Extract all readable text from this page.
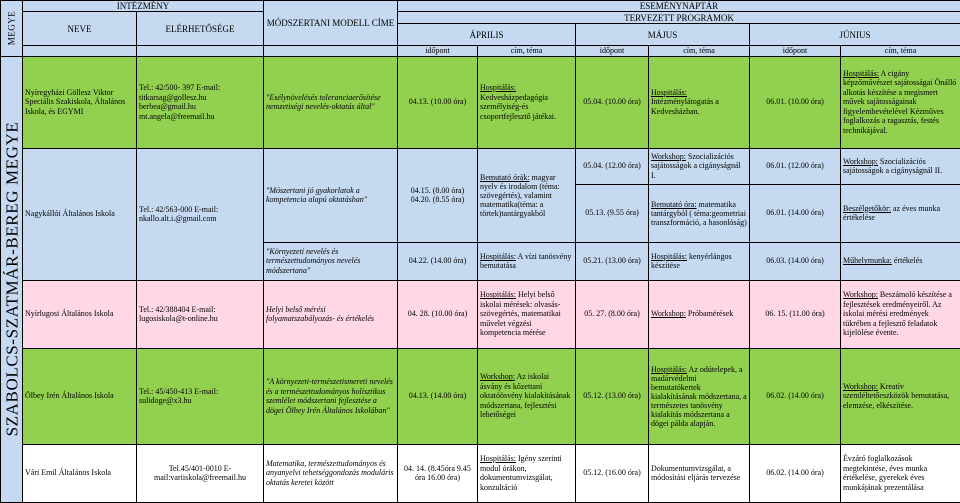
MEGYE	INTÉZMÉNY		MÓDSZERTANI MODELL CÍME	ESEMÉNYNAPTÁR					
	NEVE	ELÉRHETŐSÉGE		TERVEZETT PROGRAMOK					
				ÁPRILIS		MÁJUS		JÚNIUS	
				időpont	cím, téma	időpont	cím, téma	időpont	cím, téma

SZABOLCS-SZATMÁR-BEREG MEGYE	Nyíregyházi Göllesz Viktor Speciális Szakiskola, Általános Iskola, és EGYMI	Tel.: 42/500- 397 E-mail: titkarsag@gollesz.hu berbea@gmail.hu mt.angela@freemail.hu	"Esélynövelésés toleranciaerősítése nemzetiségi nevelés-oktatás által"	04.13. (10.00 óra)	Hospitálás: Kedvesházpedagógia személyiség-és csoportfejlesztő játékai.	05.04. (10.00 óra)	Hospitálás: Intézménylátogatás a Kedvesházban.	06.01. (10.00 óra)	Hospitálás: A cigány képzőművészet sajátosságai Önálló alkotás készítése a megismert művek sajátosságainak figyelembevételével Kézműves foglalkozás a ragasztás, festés technikájával.
	Nagykállói Általános Iskola	Tel.: 42/563-000 E-mail: nkallo.alt.i.@gmail.com	"Mószertani jó gyakorlatok a kompetencia alapú oktatásban"	04.15. (8.00 óra) 04.20. (8.55 óra)	Bemutató órák: magyar nyelv és irodalom (téma: szövegértés), valamint matematika(téma: a törtek)tantárgyakból	05.04. (12.00 óra)	Workshop: Szocializációs sajátosságok a cigányságnál I.	06.01. (12.00 óra)	Workshop: Szocializációs sajátosságok a cigányságnál II.
						05.13. (9.55 óra)	Bemutató óra: matematika tantárgyból ( téma:geometriai transzformáció, a hasonlóság)	06.01. (14.00 óra)	Beszélgetőkör: az éves munka értékelése
			"Környezeti nevelés és természettudományos nevelés módszertana"	04.22. (14.00 óra)	Hospitálás: A vízi tanösvény bemutatása	05.21. (13.00 óra)	Hospitálás: kenyérlángos készítése	06.03. (14.00 óra)	Műhelymunka: értékelés
	Nyírlugosi Általános Iskola	Tel.: 42/388404 E-mail: lugosiskola@t-online.hu	Helyi belső mérési folyamatszabályozás- és értékelés	04. 28. (10.00 óra)	Hospitálás: Helyi belső iskolai mérések: olvasás-szövegértés, matematikai művelet végzési kompetencia mérése	05. 27. (8.00 óra)	Workshop: Próbamérések	06. 15. (11.00 óra)	Workshop: Beszámoló készítése a fejlesztések eredményeiről. Az iskolai mérési eredmények tükrében a fejlesztő feladatok kijelölése évente.
	Ölbey Irén Általános Iskola	Tel.: 45/450-413 E-mail: sulidoge@x3.hu	"A környezeti-természetismereti nevelés és a természettudományos holisztikus szemlélet módszertani fejlesztése a dögei Ölbey Irén Általános Iskolában"	04.13. (14.00 óra)	Workshop: Az iskolai ásvány és kőzettani oktatóösvény kialakításának módszertana, fejlesztési lehetőségei	05.12. (13.00 óra)	Hospitálás: Az odútelepek, a madárvédelmi bemutatókertek kialakításának módszertana, a természetes tanösvény kialakítás módszertana a dögei pálda alapján.	06.02. (14.00 óra)	Workshop: Kreatív szemléltetőeszközök bemutatása, elemzése, elkészítése.
	Vári Emil Általános Iskola	Tel.45/401-0010 E-mail:variiskola@freemail.hu	Matematika, természettudományos és anyanyelvi tehetséggondozás moduláris oktatás keretei között	04. 14. (8.45óra 9.45 óra 16.00 óra)	Hospitálás: Igény szerinti modul órákon, dokumentumvizsgálat, konzultáció	05.12. (16.00 óra)	Dokumentumvizsgálat, a módosítási eljárás tervezése	06.02. (14.00 óra)	Évzáró foglalkozások megtekintése, éves munka értékelése, gyerekek éves munkájának prezentálása
